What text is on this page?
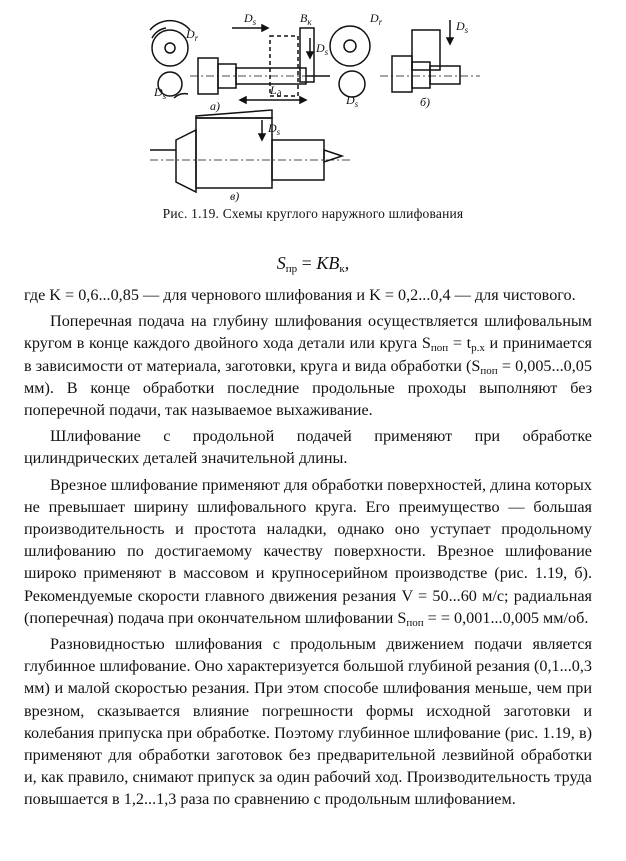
$D_r$
$D_s$	$B_к$
$D_s$
$D_s$	$L_д$
а)
$D_r$	$D_s$
$D_s$	б)
$D_s$
в)
Рис. 1.19. Схемы круглого наружного шлифования
$S_{пр} = KB_к$,

где K = 0,6...0,85 — для чернового шлифования и K = 0,2...0,4 — для чистового.

Поперечная подача на глубину шлифования осуществляется шлифовальным кругом в конце каждого двойного хода детали или круга $S_{поп} = t_{р.х}$ и принимается в зависимости от материала, заготовки, круга и вида обработки ($S_{поп} = 0,005...0,05$ мм). В конце обработки последние продольные проходы выполняют без поперечной подачи, так называемое выхаживание.

Шлифование с продольной подачей применяют при обработке цилиндрических деталей значительной длины.

Врезное шлифование применяют для обработки поверхностей, длина которых не превышает ширину шлифовального круга. Его преимущество — большая производительность и простота наладки, однако оно уступает продольному шлифованию по достигаемому качеству поверхности. Врезное шлифование широко применяют в массовом и крупносерийном производстве (рис. 1.19, б). Рекомендуемые скорости главного движения резания V = 50...60 м/с; радиальная (поперечная) подача при окончательном шлифовании $S_{поп}$ = = 0,001...0,005 мм/об.

Разновидностью шлифования с продольным движением подачи является глубинное шлифование. Оно характеризуется большой глубиной резания (0,1...0,3 мм) и малой скоростью резания. При этом способе шлифования меньше, чем при врезном, сказывается влияние погрешности формы исходной заготовки и колебания припуска при обработке. Поэтому глубинное шлифование (рис. 1.19, в) применяют для обработки заготовок без предварительной лезвийной обработки и, как правило, снимают припуск за один рабочий ход. Производительность труда повышается в 1,2...1,3 раза по сравнению с продольным шлифованием.
